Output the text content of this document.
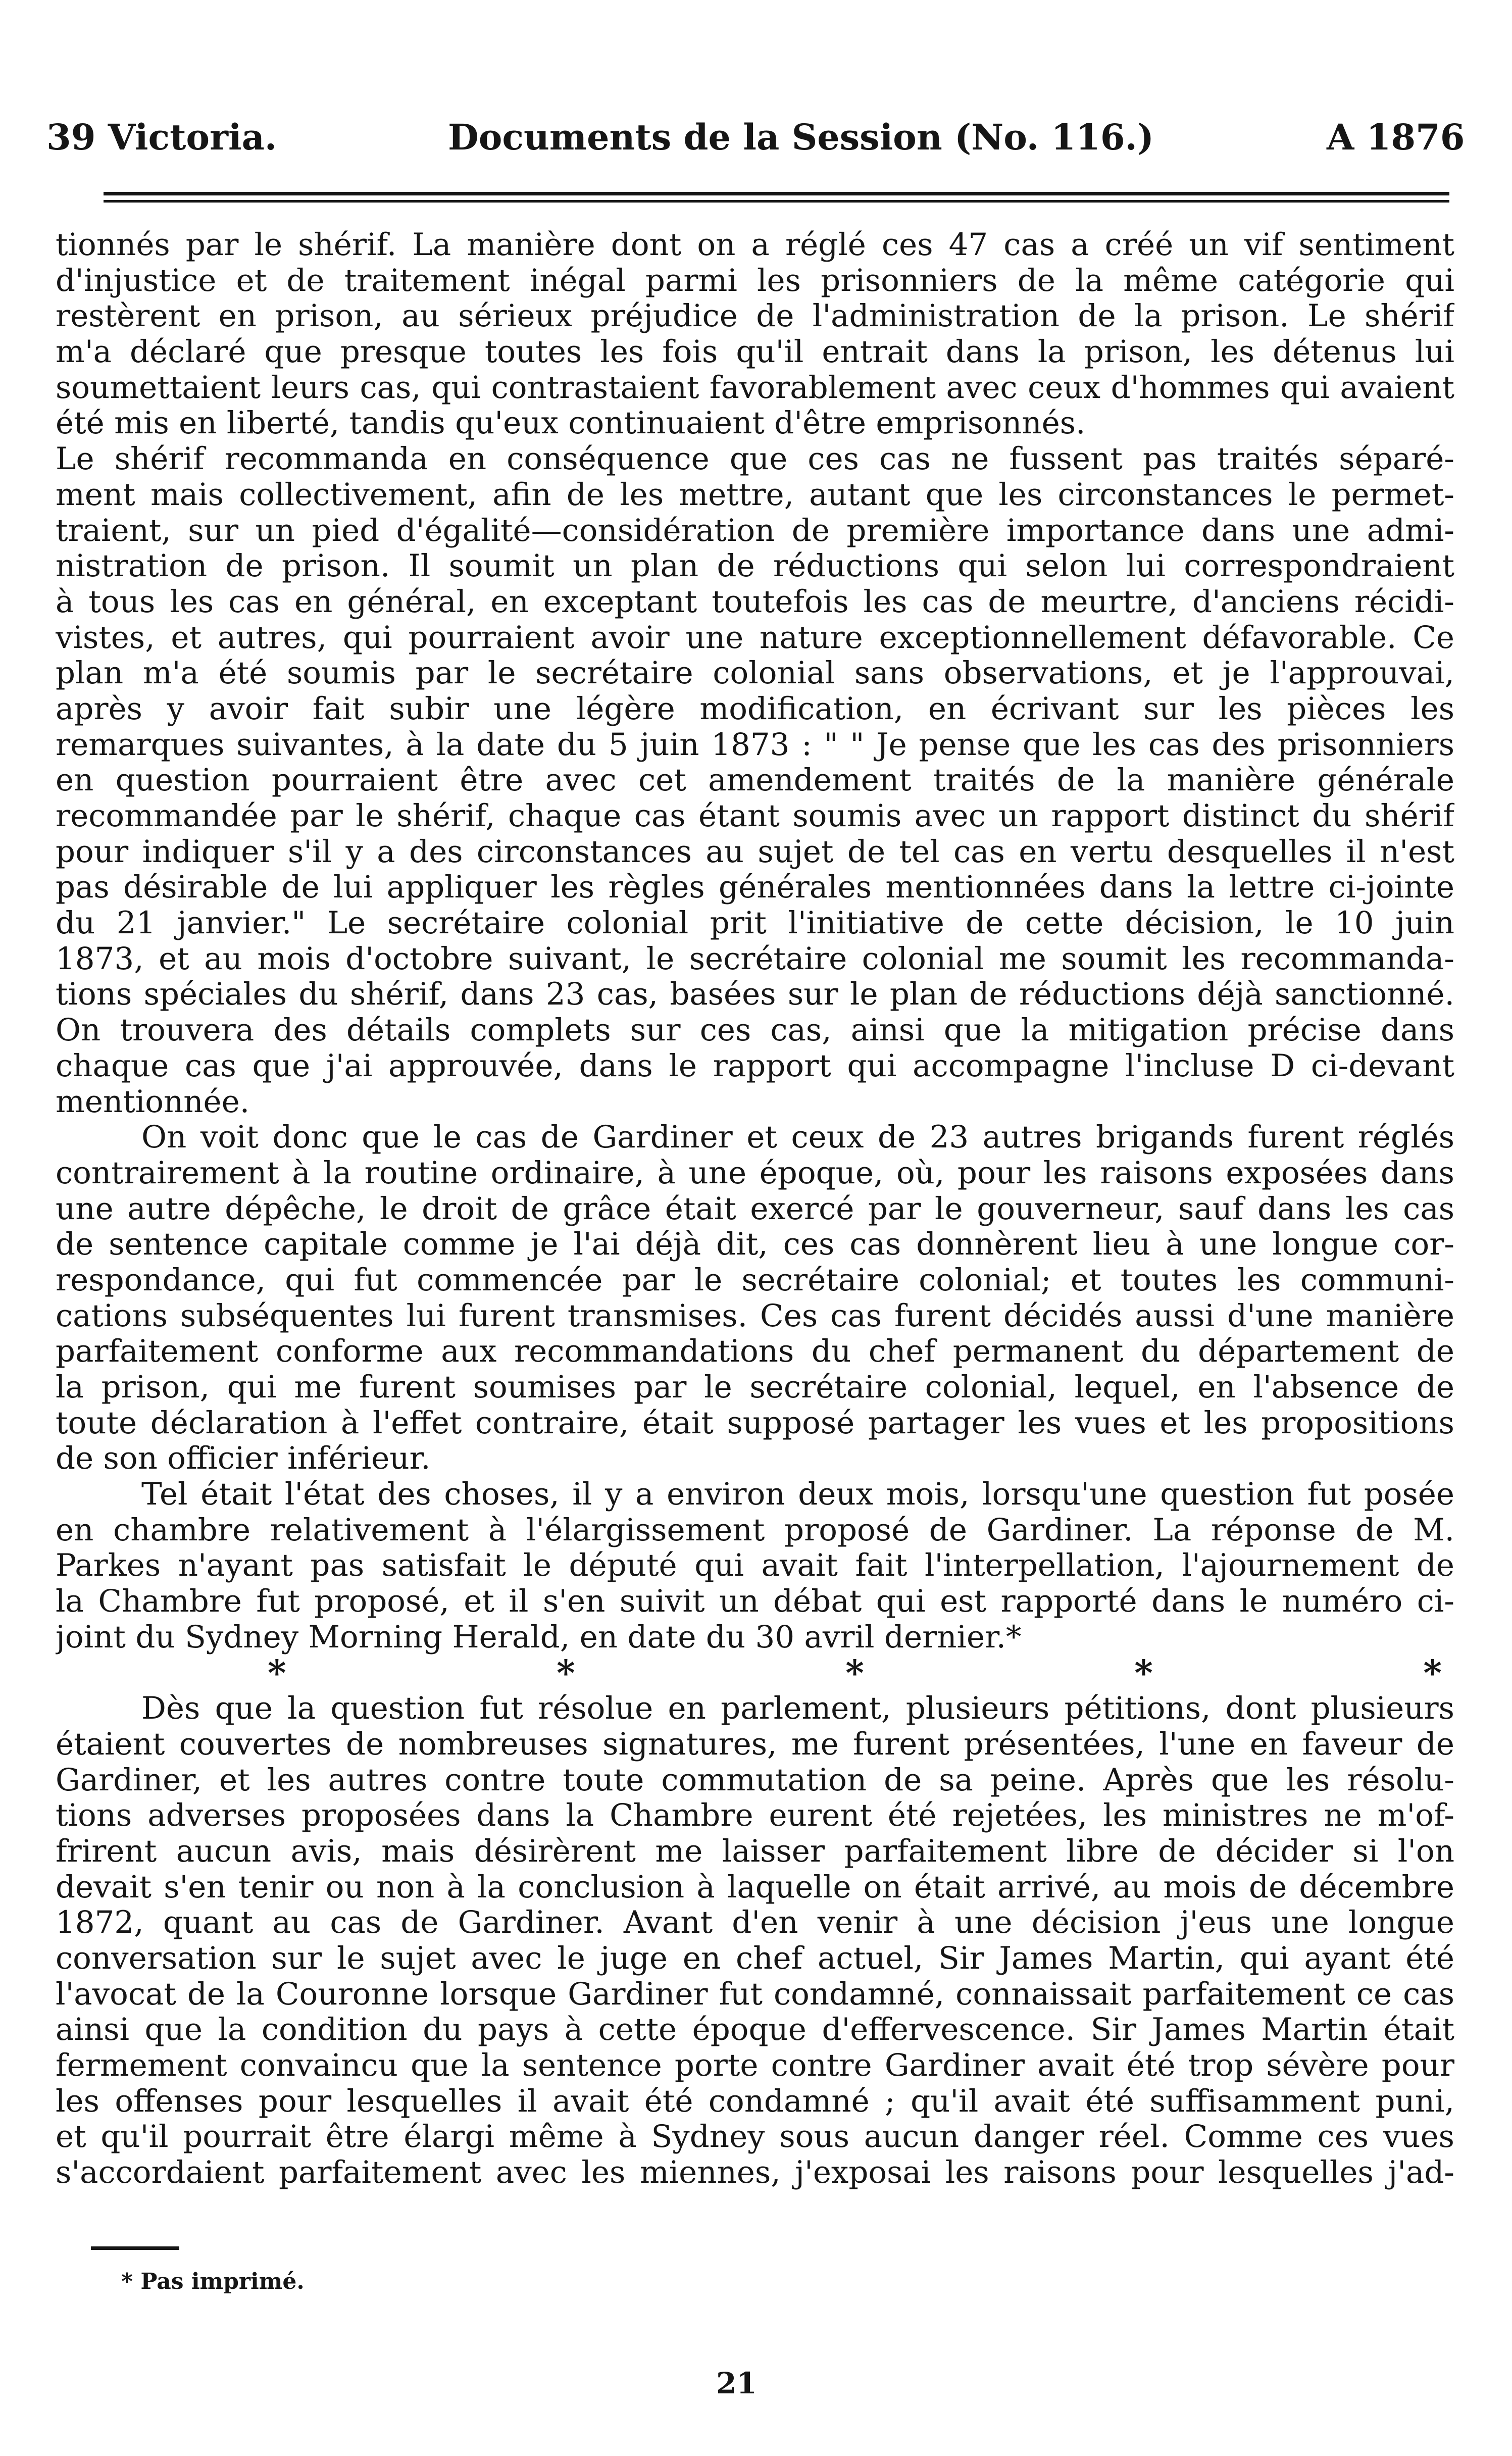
39 Victoria.	Documents de la Session (No. 116.)	A 1876
tionnés par le shérif. La manière dont on a réglé ces 47 cas a créé un vif sentiment
d'injustice et de traitement inégal parmi les prisonniers de la même catégorie qui
restèrent en prison, au sérieux préjudice de l'administration de la prison. Le shérif
m'a déclaré que presque toutes les fois qu'il entrait dans la prison, les détenus lui
soumettaient leurs cas, qui contrastaient favorablement avec ceux d'hommes qui avaient
été mis en liberté, tandis qu'eux continuaient d'être emprisonnés.
Le shérif recommanda en conséquence que ces cas ne fussent pas traités séparé-
ment mais collectivement, afin de les mettre, autant que les circonstances le permet-
traient, sur un pied d'égalité—considération de première importance dans une admi-
nistration de prison. Il soumit un plan de réductions qui selon lui correspondraient
à tous les cas en général, en exceptant toutefois les cas de meurtre, d'anciens récidi-
vistes, et autres, qui pourraient avoir une nature exceptionnellement défavorable. Ce
plan m'a été soumis par le secrétaire colonial sans observations, et je l'approuvai,
après y avoir fait subir une légère modification, en écrivant sur les pièces les
remarques suivantes, à la date du 5 juin 1873 : " " Je pense que les cas des prisonniers
en question pourraient être avec cet amendement traités de la manière générale
recommandée par le shérif, chaque cas étant soumis avec un rapport distinct du shérif
pour indiquer s'il y a des circonstances au sujet de tel cas en vertu desquelles il n'est
pas désirable de lui appliquer les règles générales mentionnées dans la lettre ci-jointe
du 21 janvier." Le secrétaire colonial prit l'initiative de cette décision, le 10 juin
1873, et au mois d'octobre suivant, le secrétaire colonial me soumit les recommanda-
tions spéciales du shérif, dans 23 cas, basées sur le plan de réductions déjà sanctionné.
On trouvera des détails complets sur ces cas, ainsi que la mitigation précise dans
chaque cas que j'ai approuvée, dans le rapport qui accompagne l'incluse D ci-devant
mentionnée.
On voit donc que le cas de Gardiner et ceux de 23 autres brigands furent réglés
contrairement à la routine ordinaire, à une époque, où, pour les raisons exposées dans
une autre dépêche, le droit de grâce était exercé par le gouverneur, sauf dans les cas
de sentence capitale comme je l'ai déjà dit, ces cas donnèrent lieu à une longue cor-
respondance, qui fut commencée par le secrétaire colonial; et toutes les communi-
cations subséquentes lui furent transmises. Ces cas furent décidés aussi d'une manière
parfaitement conforme aux recommandations du chef permanent du département de
la prison, qui me furent soumises par le secrétaire colonial, lequel, en l'absence de
toute déclaration à l'effet contraire, était supposé partager les vues et les propositions
de son officier inférieur.
Tel était l'état des choses, il y a environ deux mois, lorsqu'une question fut posée
en chambre relativement à l'élargissement proposé de Gardiner. La réponse de M.
Parkes n'ayant pas satisfait le député qui avait fait l'interpellation, l'ajournement de
la Chambre fut proposé, et il s'en suivit un débat qui est rapporté dans le numéro ci-
joint du Sydney Morning Herald, en date du 30 avril dernier.*
*	*	*	*	*
Dès que la question fut résolue en parlement, plusieurs pétitions, dont plusieurs
étaient couvertes de nombreuses signatures, me furent présentées, l'une en faveur de
Gardiner, et les autres contre toute commutation de sa peine. Après que les résolu-
tions adverses proposées dans la Chambre eurent été rejetées, les ministres ne m'of-
frirent aucun avis, mais désirèrent me laisser parfaitement libre de décider si l'on
devait s'en tenir ou non à la conclusion à laquelle on était arrivé, au mois de décembre
1872, quant au cas de Gardiner. Avant d'en venir à une décision j'eus une longue
conversation sur le sujet avec le juge en chef actuel, Sir James Martin, qui ayant été
l'avocat de la Couronne lorsque Gardiner fut condamné, connaissait parfaitement ce cas
ainsi que la condition du pays à cette époque d'effervescence. Sir James Martin était
fermement convaincu que la sentence porte contre Gardiner avait été trop sévère pour
les offenses pour lesquelles il avait été condamné ; qu'il avait été suffisamment puni,
et qu'il pourrait être élargi même à Sydney sous aucun danger réel. Comme ces vues
s'accordaient parfaitement avec les miennes, j'exposai les raisons pour lesquelles j'ad-
* Pas imprimé.
21
